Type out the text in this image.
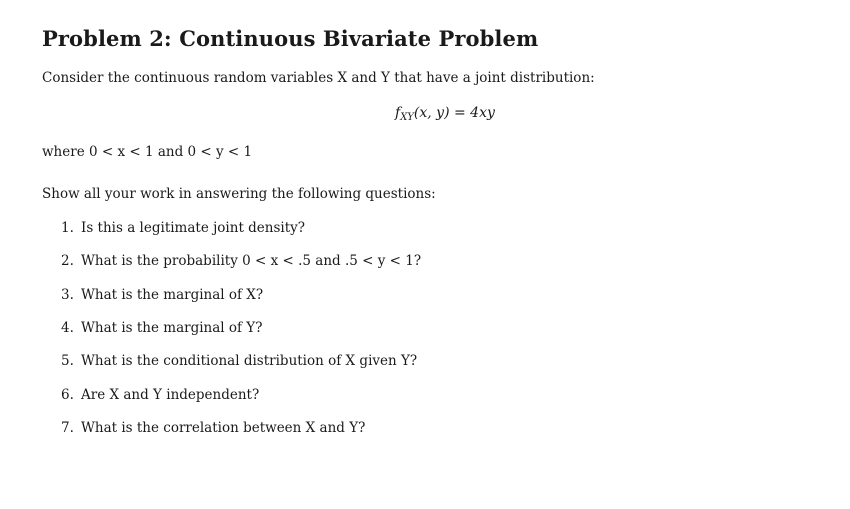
Problem 2: Continuous Bivariate Problem
Consider the continuous random variables X and Y that have a joint distribution:
$f_{XY}(x$, y) = 4xy
where 0 < x < 1 and 0 < y < 1
Show all your work in answering the following questions:
1. Is this a legitimate joint density?
2. What is the probability 0 < x < .5 and .5 < y < 1?
3. What is the marginal of X?
4. What is the marginal of Y?
5. What is the conditional distribution of X given Y?
6. Are X and Y independent?
7. What is the correlation between X and Y?
